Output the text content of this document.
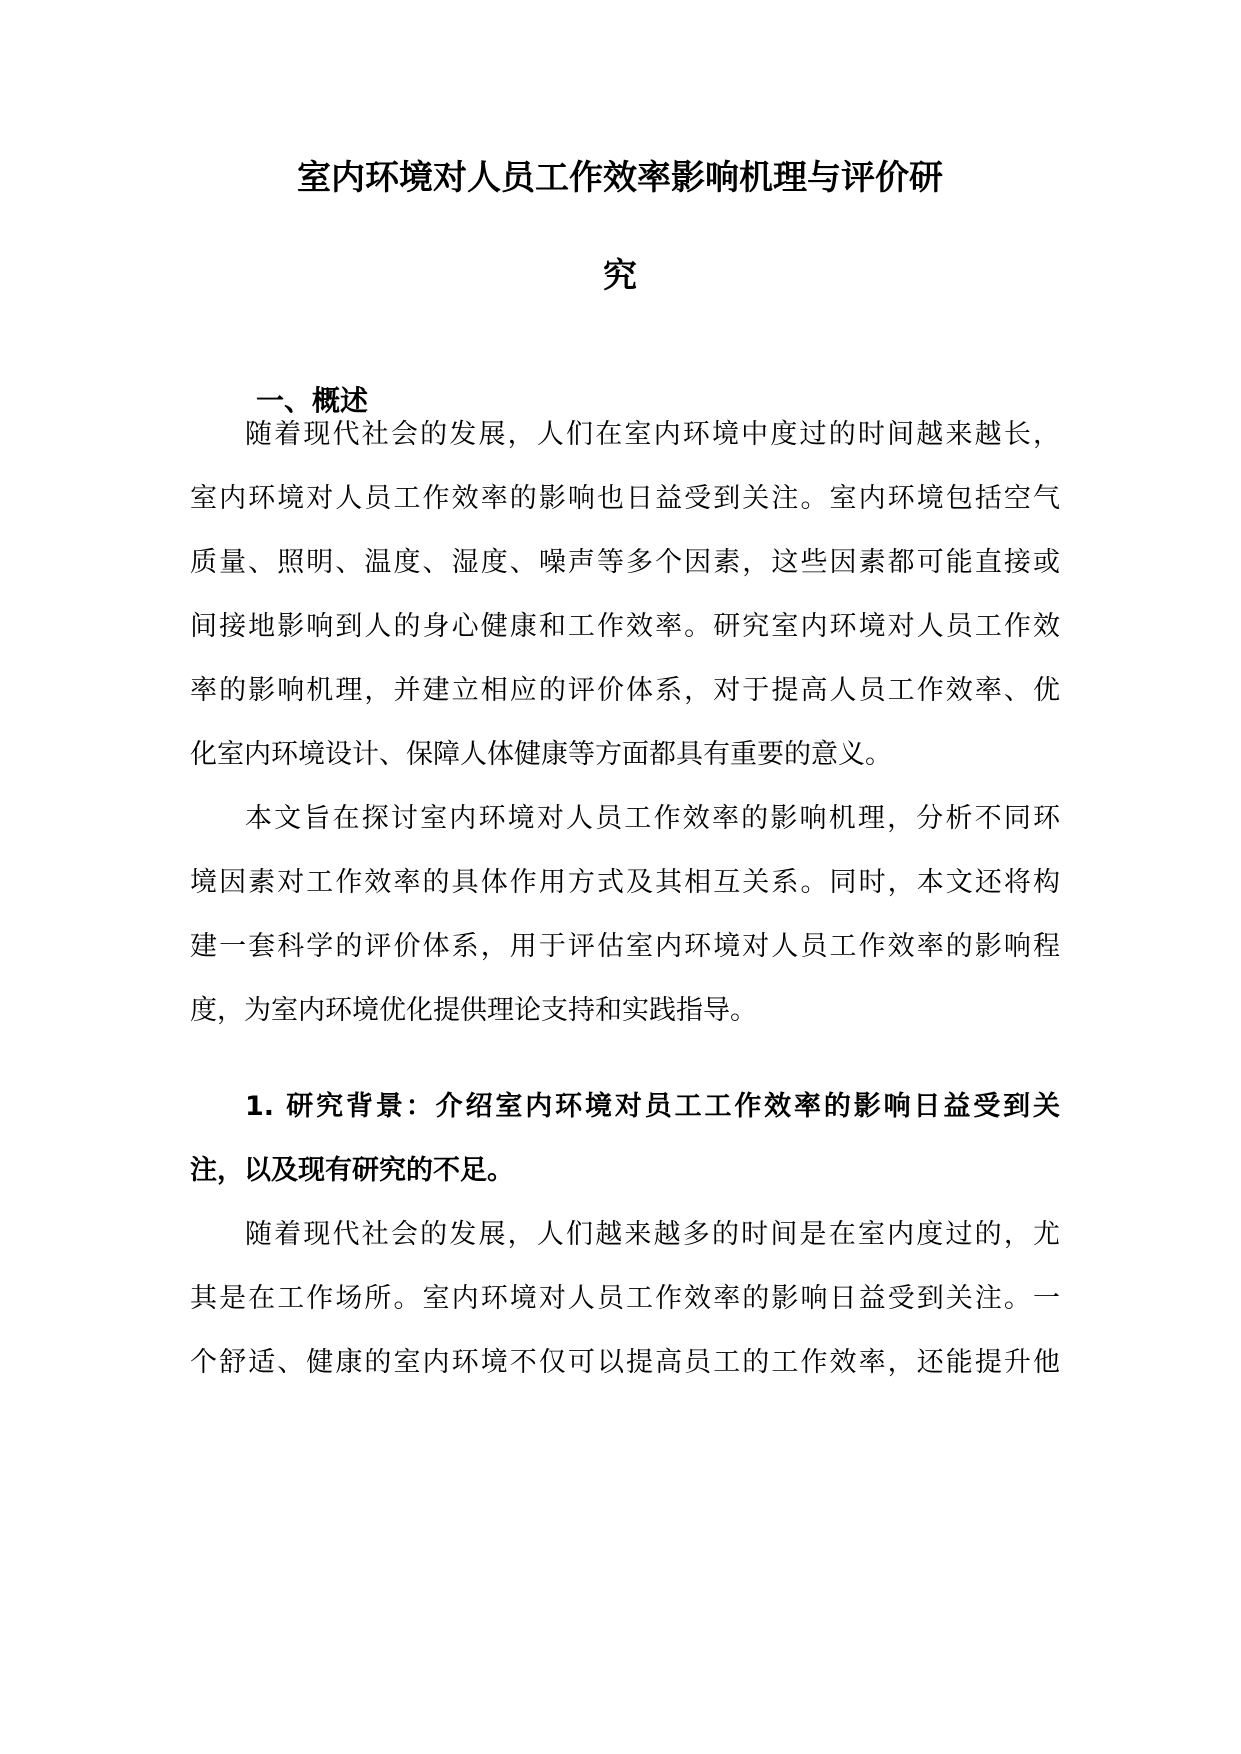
室内环境对人员工作效率影响机理与评价研
究
一、概述

随着现代社会的发展，人们在室内环境中度过的时间越来越长，

室内环境对人员工作效率的影响也日益受到关注。室内环境包括空气

质量、照明、温度、湿度、噪声等多个因素，这些因素都可能直接或

间接地影响到人的身心健康和工作效率。研究室内环境对人员工作效

率的影响机理，并建立相应的评价体系，对于提高人员工作效率、优

化室内环境设计、保障人体健康等方面都具有重要的意义。

本文旨在探讨室内环境对人员工作效率的影响机理，分析不同环

境因素对工作效率的具体作用方式及其相互关系。同时，本文还将构

建一套科学的评价体系，用于评估室内环境对人员工作效率的影响程

度，为室内环境优化提供理论支持和实践指导。

1. 研究背景：介绍室内环境对员工工作效率的影响日益受到关

注，以及现有研究的不足。

随着现代社会的发展，人们越来越多的时间是在室内度过的，尤

其是在工作场所。室内环境对人员工作效率的影响日益受到关注。一

个舒适、健康的室内环境不仅可以提高员工的工作效率，还能提升他
